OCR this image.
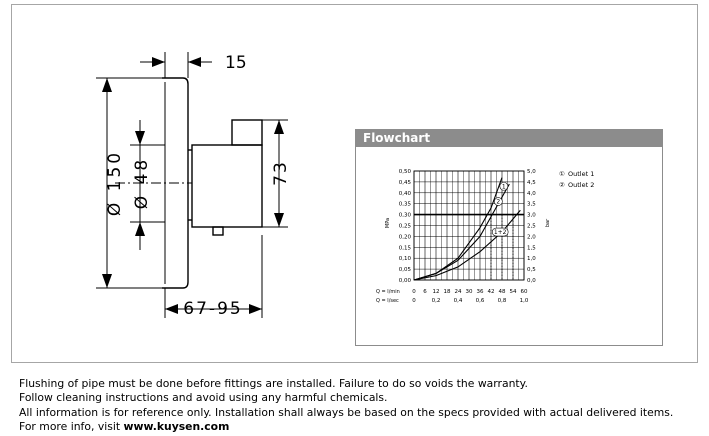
15
Ø 150 Ø 48	73
67-95
Flowchart
0,00
0,05
0,10
0,15
0,20
0,25
0,30
0,35
0,40
0,45
0,50
0,0
0,5
1,0
1,5
2,0
2,5
3,0
3,5
4,0
4,5
5,0
0 6 12 18 24 30 36 42 48 54 60
0	0,2 0,4 0,6 0,8 1,0
1
2
1+2
① Outlet 1
② Outlet 2
MPa	bar
Q = l/min
Q = l/sec
Flushing of pipe must be done before fittings are installed. Failure to do so voids the warranty.
Follow cleaning instructions and avoid using any harmful chemicals.
All information is for reference only. Installation shall always be based on the specs provided with actual delivered items.
For more info, visit www.kuysen.com
